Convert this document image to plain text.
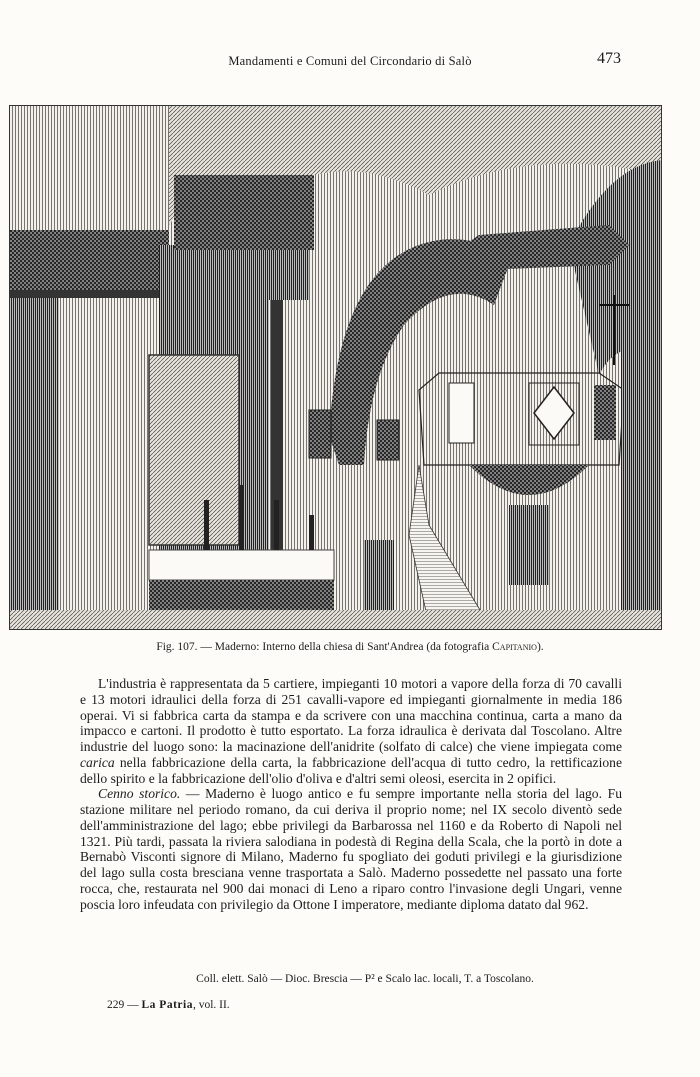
Mandamenti e Comuni del Circondario di Salò	473
Fig. 107. — Maderno: Interno della chiesa di Sant'Andrea (da fotografia Capitanio).

L'industria è rappresentata da 5 cartiere, impieganti 10 motori a vapore della forza di 70 cavalli e 13 motori idraulici della forza di 251 cavalli-vapore ed impieganti giornalmente in media 186 operai. Vi si fabbrica carta da stampa e da scrivere con una macchina continua, carta a mano da impacco e cartoni. Il prodotto è tutto esportato. La forza idraulica è derivata dal Toscolano. Altre industrie del luogo sono: la macinazione dell'anidrite (solfato di calce) che viene impiegata come carica nella fabbricazione della carta, la fabbricazione dell'acqua di tutto cedro, la rettificazione dello spirito e la fabbricazione dell'olio d'oliva e d'altri semi oleosi, esercita in 2 opifici.

Cenno storico. — Maderno è luogo antico e fu sempre importante nella storia del lago. Fu stazione militare nel periodo romano, da cui deriva il proprio nome; nel IX secolo diventò sede dell'amministrazione del lago; ebbe privilegi da Barbarossa nel 1160 e da Roberto di Napoli nel 1321. Più tardi, passata la riviera salodiana in podestà di Regina della Scala, che la portò in dote a Bernabò Visconti signore di Milano, Maderno fu spogliato dei goduti privilegi e la giurisdizione del lago sulla costa bresciana venne trasportata a Salò. Maderno possedette nel passato una forte rocca, che, restaurata nel 900 dai monaci di Leno a riparo contro l'invasione degli Ungari, venne poscia loro infeudata con privilegio da Ottone I imperatore, mediante diploma datato dal 962.

Coll. elett. Salò — Dioc. Brescia — P² e Scalo lac. locali, T. a Toscolano.
229 — La Patria, vol. II.
